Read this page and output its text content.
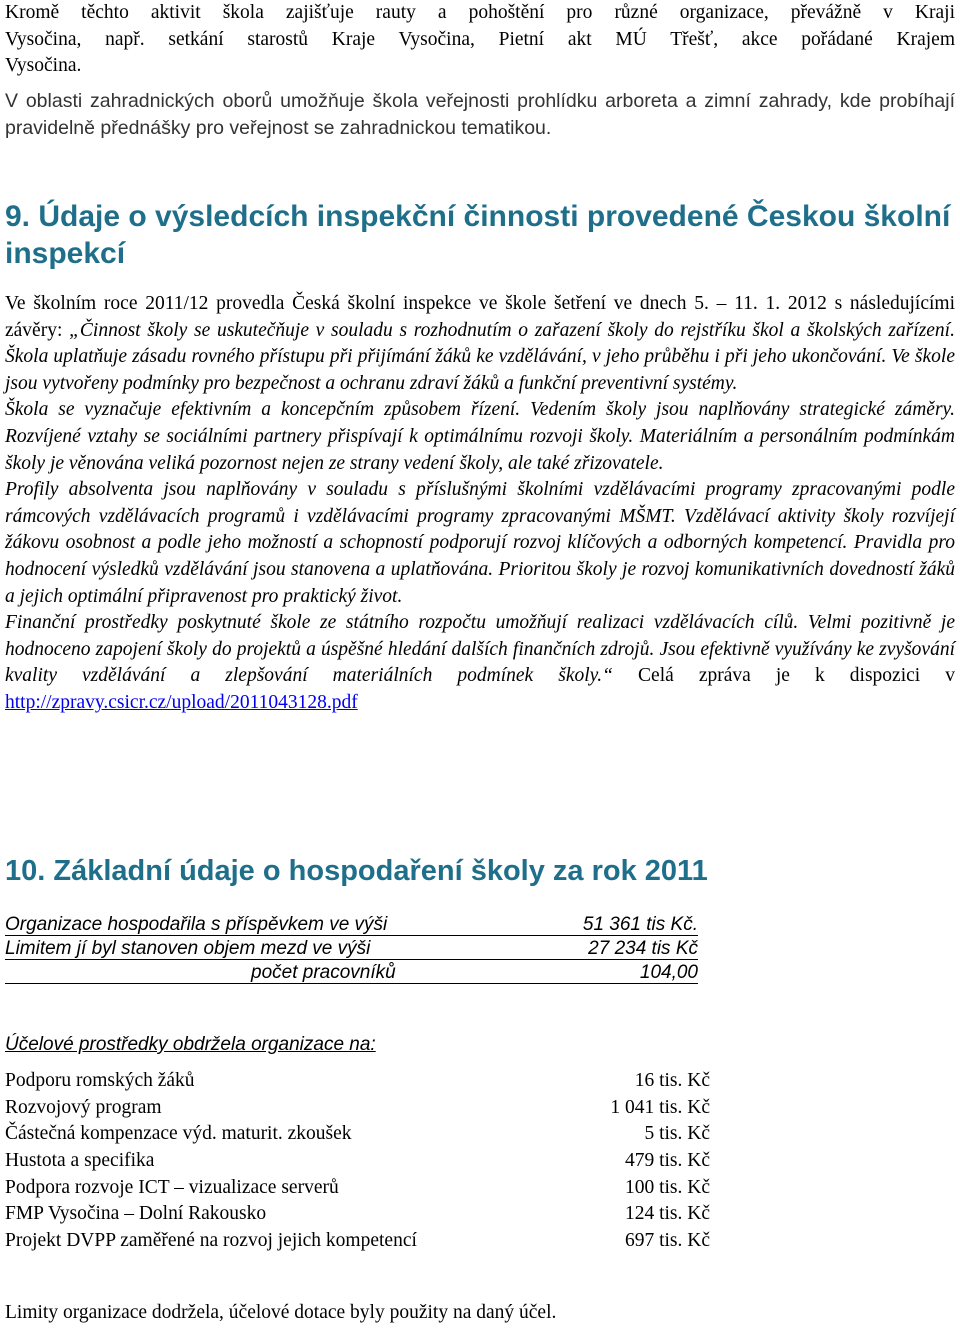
Kromě těchto aktivit škola zajišťuje rauty a pohoštění pro různé organizace, převážně v Kraji
Vysočina, např. setkání starostů Kraje Vysočina, Pietní akt MÚ Třešť, akce pořádané Krajem
Vysočina.

V oblasti zahradnických oborů umožňuje škola veřejnosti prohlídku arboreta a zimní zahrady, kde probíhají pravidelně přednášky pro veřejnost se zahradnickou tematikou.

9. Údaje o výsledcích inspekční činnosti provedené Českou školní inspekcí

Ve školním roce 2011/12 provedla Česká školní inspekce ve škole šetření ve dnech 5. – 11. 1. 2012 s následujícími závěry: „Činnost školy se uskutečňuje v souladu s rozhodnutím o zařazení školy do rejstříku škol a školských zařízení. Škola uplatňuje zásadu rovného přístupu při přijímání žáků ke vzdělávání, v jeho průběhu i při jeho ukončování. Ve škole jsou vytvořeny podmínky pro bezpečnost a ochranu zdraví žáků a funkční preventivní systémy.

Škola se vyznačuje efektivním a koncepčním způsobem řízení. Vedením školy jsou naplňovány strategické záměry. Rozvíjené vztahy se sociálními partnery přispívají k optimálnímu rozvoji školy. Materiálním a personálním podmínkám školy je věnována veliká pozornost nejen ze strany vedení školy, ale také zřizovatele.

Profily absolventa jsou naplňovány v souladu s příslušnými školními vzdělávacími programy zpracovanými podle rámcových vzdělávacích programů i vzdělávacími programy zpracovanými MŠMT. Vzdělávací aktivity školy rozvíjejí žákovu osobnost a podle jeho možností a schopností podporují rozvoj klíčových a odborných kompetencí. Pravidla pro hodnocení výsledků vzdělávání jsou stanovena a uplatňována. Prioritou školy je rozvoj komunikativních dovedností žáků a jejich optimální připravenost pro praktický život.

Finanční prostředky poskytnuté škole ze státního rozpočtu umožňují realizaci vzdělávacích cílů. Velmi pozitivně je hodnoceno zapojení školy do projektů a úspěšné hledání dalších finančních zdrojů. Jsou efektivně využívány ke zvyšování kvality vzdělávání a zlepšování materiálních podmínek školy.“ Celá zpráva je k dispozici v http://zpravy.csicr.cz/upload/2011043128.pdf

10. Základní údaje o hospodaření školy za rok 2011
Organizace hospodařila s příspěvkem ve výši	51 361 tis Kč.
Limitem jí byl stanoven objem mezd ve výši	27 234 tis Kč
počet pracovníků	104,00
Účelové prostředky obdržela organizace na:
Podporu romských žáků	16 tis. Kč
Rozvojový program	1 041 tis. Kč
Částečná kompenzace výd. maturit. zkoušek	5 tis. Kč
Hustota a specifika	479 tis. Kč
Podpora rozvoje ICT – vizualizace serverů	100 tis. Kč
FMP Vysočina – Dolní Rakousko	124 tis. Kč
Projekt DVPP zaměřené na rozvoj jejich kompetencí	697 tis. Kč

Limity organizace dodržela, účelové dotace byly použity na daný účel.
